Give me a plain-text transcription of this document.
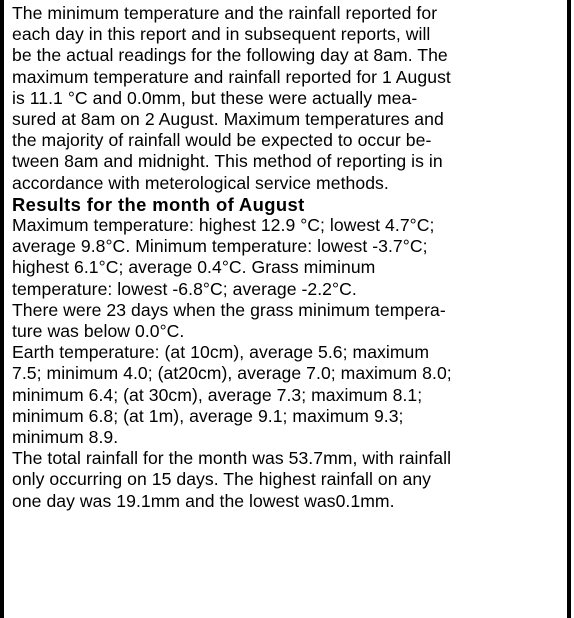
The minimum temperature and the rainfall reported for
each day in this report and in subsequent reports, will
be the actual readings for the following day at 8am. The
maximum temperature and rainfall reported for 1 August
is 11.1 °C and 0.0mm, but these were actually mea-
sured at 8am on 2 August. Maximum temperatures and
the majority of rainfall would be expected to occur be-
tween 8am and midnight. This method of reporting is in
accordance with meterological service methods.

Results for the month of August

Maximum temperature: highest 12.9 °C; lowest 4.7°C;
average 9.8°C. Minimum temperature: lowest -3.7°C;
highest 6.1°C; average 0.4°C. Grass miminum
temperature: lowest -6.8°C; average -2.2°C.

There were 23 days when the grass minimum tempera-
ture was below 0.0°C.

Earth temperature: (at 10cm), average 5.6; maximum
7.5; minimum 4.0; (at20cm), average 7.0; maximum 8.0;
minimum 6.4; (at 30cm), average 7.3; maximum 8.1;
minimum 6.8; (at 1m), average 9.1; maximum 9.3;
minimum 8.9.

The total rainfall for the month was 53.7mm, with rainfall
only occurring on 15 days. The highest rainfall on any
one day was 19.1mm and the lowest was0.1mm.
